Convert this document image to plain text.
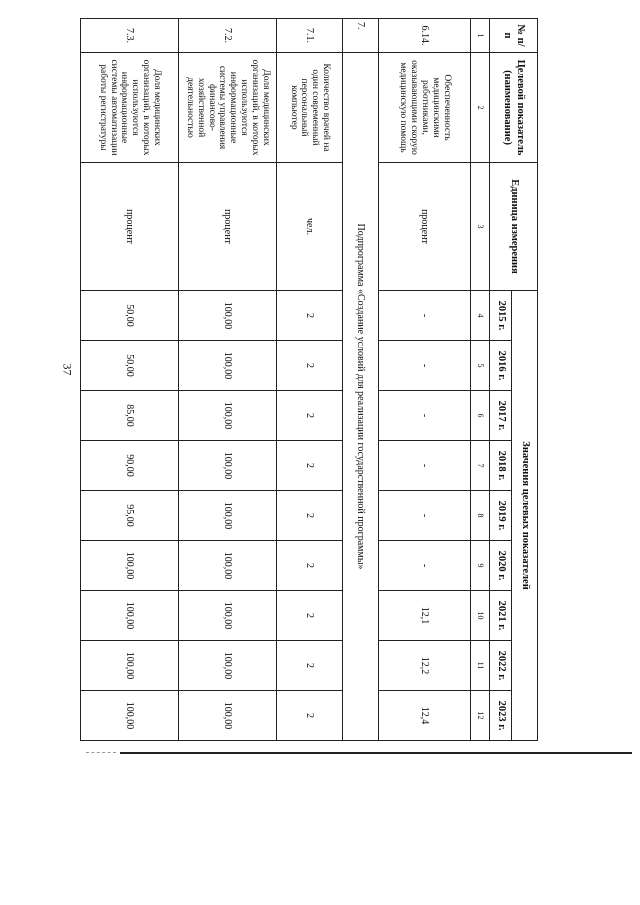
37
№ п/п	Целевой показатель (наименование)	Единица измерения	Значения целевых показателей								
			2015 г.	2016 г.	2017 г.	2018 г.	2019 г.	2020 г.	2021 г.	2022 г.	2023 г.
1	2	3	4	5	6	7	8	9	10	11	12
6.14.	Обеспеченность медицинскими работниками, оказывающими скорую медицинскую помощь	процент	-	-	-	-	-	-	12,1	12,2	12,4
7.	Подпрограмма «Создание условий для реализации государственной программы»										
7.1.	Количество врачей на один современный персональный компьютер	чел.	2	2	2	2	2	2	2	2	2
7.2.	Доля медицинских организаций, в которых используются информационные системы управления финансово-хозяйственной деятельностью	процент	100,00	100,00	100,00	100,00	100,00	100,00	100,00	100,00	100,00
7.3.	Доля медицинских организаций, в которых используются информационные системы автоматизации работы регистратуры	процент	50,00	50,00	85,00	90,00	95,00	100,00	100,00	100,00	100,00
